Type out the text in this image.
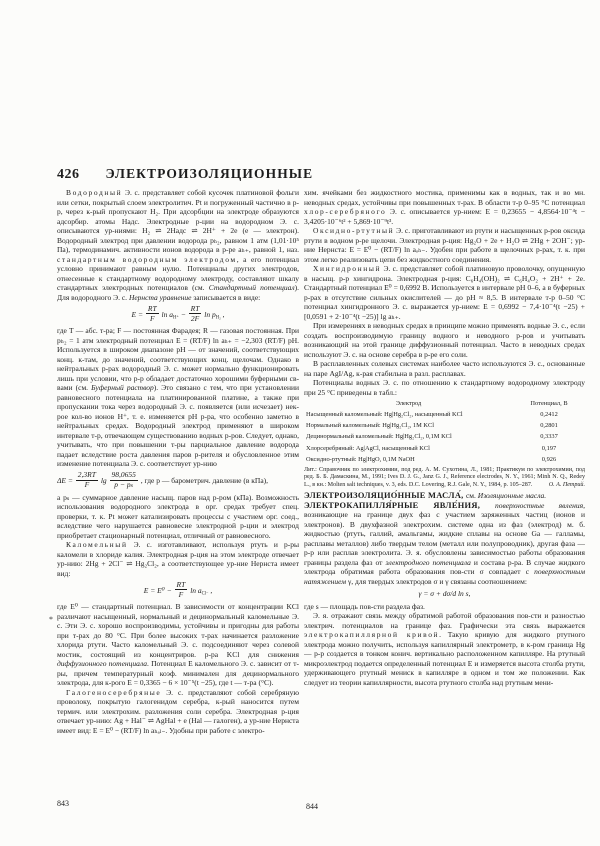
426 ЭЛЕКТРОИЗОЛЯЦИОННЫЕ

Водородный Э. с. представляет собой кусочек платиновой фольги или сетки, покрытый слоем электролитич. Pt и погруженный частично в р-р, через к-рый пропускают H₂. При адсорбции на электроде образуются адсорбир. атомы Hадс. Электродные р-ции на водородном Э. с. описываются ур-ниями: H₂ ⇌ 2Hадс ⇌ 2H⁺ + 2e (e — электрон). Водородный электрод при давлении водорода pₕ₂, равном 1 атм (1,01·10⁵ Па), термодинамич. активности ионов водорода в р-ре aₕ₊, равной 1, наз. стандартным водородным электродом, а его потенциал условно принимают равным нулю. Потенциалы других электродов, отнесенные к стандартному водородному электроду, составляют шкалу стандартных электродных потенциалов (см. Стандартный потенциал). Для водородного Э. с. Нернста уравнение записывается в виде:

$E = \frac{RT}{F}$ $\ln a_{H^+} - \frac{RT}{2F}$ $\ln p_{H_2}$ ,

где T — абс. т-ра; F — постоянная Фарадея; R — газовая постоянная. При pₕ₂ = 1 атм электродный потенциал E = (RT/F) ln aₕ₊ = −2,303 (RT/F) pH. Используется в широком диапазоне pH — от значений, соответствующих конц. к-там, до значений, соответствующих конц. щелочам. Однако в нейтральных р-рах водородный Э. с. может нормально функционировать лишь при условии, что р-р обладает достаточно хорошими буферными св-вами (см. Буферный раствор). Это связано с тем, что при установлении равновесного потенциала на платинированной платине, а также при пропускании тока через водородный Э. с. появляется (или исчезает) нек-рое кол-во ионов H⁺, т. е. изменяется pH р-ра, что особенно заметно в нейтральных средах. Водородный электрод применяют в широком интервале т-р, отвечающем существованию водных р-ров. Следует, однако, учитывать, что при повышении т-ры парциальное давление водорода падает вследствие роста давления паров р-рителя и обусловленное этим изменение потенциала Э. с. соответствует ур-нию

$\Delta E = \frac{2,3RT}{F}$ $\lg \frac{98,0655}{\text{p − pₛ}}$ , где p — барометрич. давление (в кПа),

а pₛ — суммарное давление насыщ. паров над р-ром (кПа). Возможность использования водородного электрода в орг. средах требует спец. проверки, т. к. Pt может катализировать процессы с участием орг. соед., вследствие чего нарушается равновесие электродной р-ции и электрод приобретает стационарный потенциал, отличный от равновесного.

Каломельный Э. с. изготавливают, используя ртуть и р-ры каломели в хлориде калия. Электродная р-ция на этом электроде отвечает ур-нию: 2Hg + 2Cl⁻ ⇌ Hg₂Cl₂, а соответствующее ур-ние Нернста имеет вид:

$E = E^0 - \frac{RT}{F}$ $\ln a_{Cl^-}$ ,

где E⁰ — стандартный потенциал. В зависимости от концентрации KCl различают насыщенный, нормальный и децинормальный каломельные Э. с. Эти Э. с. хорошо воспроизводимы, устойчивы и пригодны для работы при т-рах до 80 °C. При более высоких т-рах начинается разложение хлорида ртути. Часто каломельный Э. с. подсоединяют через солевой мостик, состоящий из концентриров. р-ра KCl для снижения диффузионного потенциала. Потенциал E каломельного Э. с. зависит от т-ры, причем температурный коэф. минимален для децинормального электрода, для к-рого E = 0,3365 − 6 × 10⁻⁵(t −25), где t — т-ра (°C).

Галогеносеребряные Э. с. представляют собой серебряную проволоку, покрытую галогенидом серебра, к-рый наносится путем термич. или электрохим. разложения соли серебра. Электродная р-ция отвечает ур-нию: Ag + Hal⁻ ⇌ AgHal + e (Hal — галоген), а ур-ние Нернста имеет вид: E = E⁰ − (RT/F) ln aₕₐₗ₋. Удобны при работе с электро-

хим. ячейками без жидкостного мостика, применимы как в водных, так и во мн. неводных средах, устойчивы при повышенных т-рах. В области т-р 0–95 °C потенциал хлор-серебряного Э. с. описывается ур-нием: E = 0,23655 − 4,8564·10⁻⁴t − 3,4205·10⁻⁶t² + 5,869·10⁻⁹t³.

Оксидно-ртутный Э. с. приготавливают из ртути и насыщенных р-ров оксида ртути в водном р-ре щелочи. Электродная р-ция: Hg₂O + 2e + H₂O ⇌ 2Hg + 2OH⁻; ур-ние Нернста: E = E⁰ − (RT/F) ln aₒₕ₋. Удобен при работе в щелочных р-рах, т. к. при этом легко реализовать цепи без жидкостного соединения.

Хингидронный Э. с. представляет собой платиновую проволочку, опущенную в насыщ. р-р хингидрона. Электродная р-ция: C₆H₄(OH)₂ ⇌ C₆H₄O₂ + 2H⁺ + 2e. Стандартный потенциал E⁰ = 0,6992 В. Используется в интервале pH 0–6, а в буферных р-рах в отсутствие сильных окислителей — до pH ≈ 8,5. В интервале т-р 0–50 °C потенциал хингидронного Э. с. выражается ур-нием: E = 0,6992 − 7,4·10⁻⁴(t −25) + [0,0591 + 2·10⁻⁴(t −25)] lg aₕ₊.

При измерениях в неводных средах в принципе можно применять водные Э. с., если создать воспроизводимую границу водного и неводного р-ров и учитывать возникающий на этой границе диффузионный потенциал. Часто в неводных средах используют Э. с. на основе серебра в р-ре его соли.

В расплавленных солевых системах наиболее часто используются Э. с., основанные на паре AgI/Ag, к-рая стабильна в разл. расплавах.

Потенциалы водных Э. с. по отношению к стандартному водородному электроду при 25 °C приведены в табл.:

Электрод	Потенциал, В
Насыщенный каломельный: Hg|Hg₂Cl₂, насыщенный KCl	0,2412
Нормальный каломельный: Hg|Hg₂Cl₂, 1М KCl	0,2801
Децинормальный каломельный: Hg|Hg₂Cl₂, 0,1М KCl	0,3337
Хлорсеребряный: Ag|AgCl, насыщенный KCl	0,197
Оксидно-ртутный: Hg|HgO, 0,1М NaOH	0,926
Лит.: Справочник по электрохимии, под ред. А. М. Сухотина, Л., 1981; Практикум по электрохимии, под ред. Б. Б. Дамаскина, М., 1991; Ives D. J. G., Janz G. J., Reference electrodes, N. Y., 1961; Minh N. Q., Redey L., в кн.: Molten salt techniques, v. 3, eds. D.C. Lovering, R.J. Gale, N. Y., 1984, p. 105–287.	О. А. Петрий.

ЭЛЕКТРОИЗОЛЯЦИО́ННЫЕ МАСЛА́, см. Изоляционные масла.

ЭЛЕКТРОКАПИЛЛЯ́РНЫЕ ЯВЛЕ́НИЯ, поверхностные явления, возникающие на границе двух фаз с участием заряженных частиц (ионов и электронов). В двухфазной электрохим. системе одна из фаз (электрод) м. б. жидкостью (ртуть, галлий, амальгамы, жидкие сплавы на основе Ga — галламы, расплавы металлов) либо твердым телом (металл или полупроводник), другая фаза — р-р или расплав электролита. Э. я. обусловлены зависимостью работы образования границы раздела фаз от электродного потенциала и состава р-ра. В случае жидкого электрода обратимая работа образования пов-сти σ совпадает с поверхностным натяжением γ, для твердых электродов σ и γ связаны соотношением:

γ = σ + dσ/d ln s,

где s — площадь пов-сти раздела фаз.

Э. я. отражают связь между обратимой работой образования пов-сти и разностью электрич. потенциалов на границе фаз. Графически эта связь выражается электрокапиллярной кривой. Такую кривую для жидкого ртутного электрода можно получить, используя капиллярный электрометр, в к-ром граница Hg — р-р создается в тонком конич. вертикально расположенном капилляре. На ртутный микроэлектрод подается определенный потенциал E и измеряется высота столба ртути, удерживающего ртутный мениск в капилляре в одном и том же положении. Как следует из теории капиллярности, высота ртутного столба над ртутным мени-

843	844
*
